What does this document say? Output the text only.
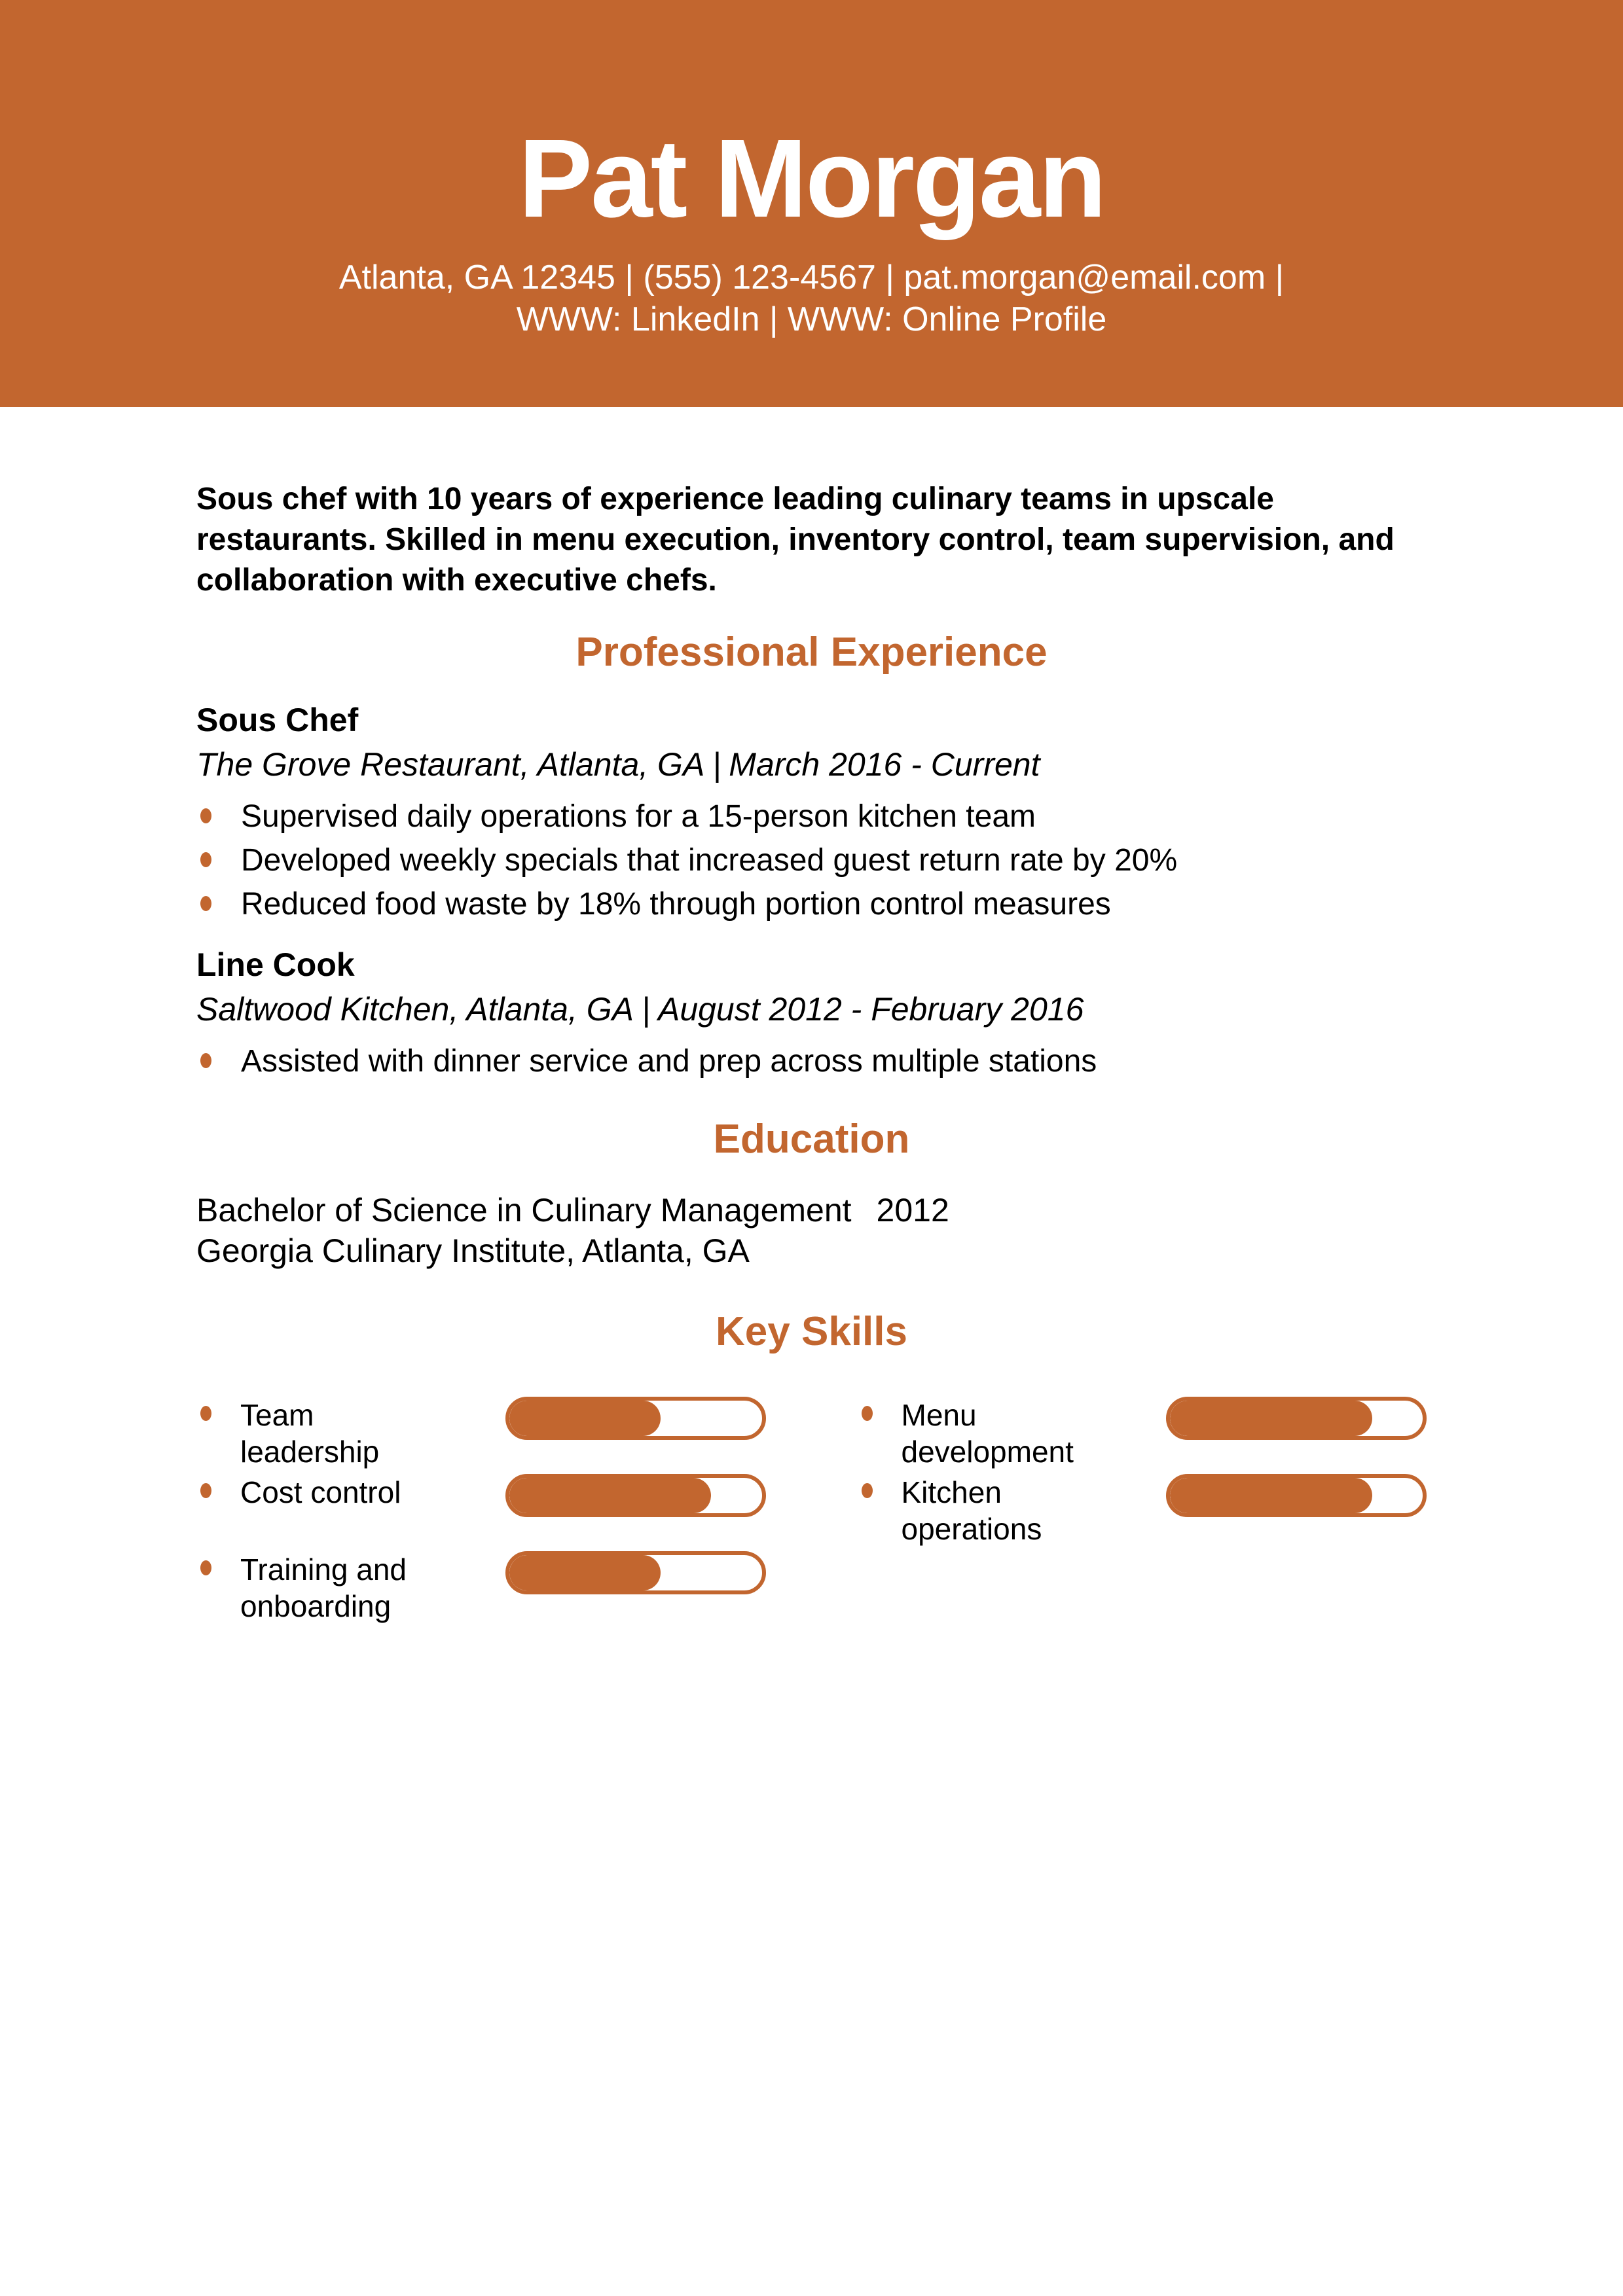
Pat Morgan
Atlanta, GA 12345 | (555) 123-4567 | pat.morgan@email.com |
WWW: LinkedIn | WWW: Online Profile

Sous chef with 10 years of experience leading culinary teams in upscale restaurants. Skilled in menu execution, inventory control, team supervision, and collaboration with executive chefs.

Professional Experience
Sous Chef

The Grove Restaurant, Atlanta, GA | March 2016 - Current

Supervised daily operations for a 15-person kitchen team
Developed weekly specials that increased guest return rate by 20%
Reduced food waste by 18% through portion control measures
Line Cook

Saltwood Kitchen, Atlanta, GA | August 2012 - February 2016

Assisted with dinner service and prep across multiple stations
Education

Bachelor of Science in Culinary Management 2012

Georgia Culinary Institute, Atlanta, GA

Key Skills
Team leadership
Menu development
Cost control	Kitchen operations
Training and onboarding
